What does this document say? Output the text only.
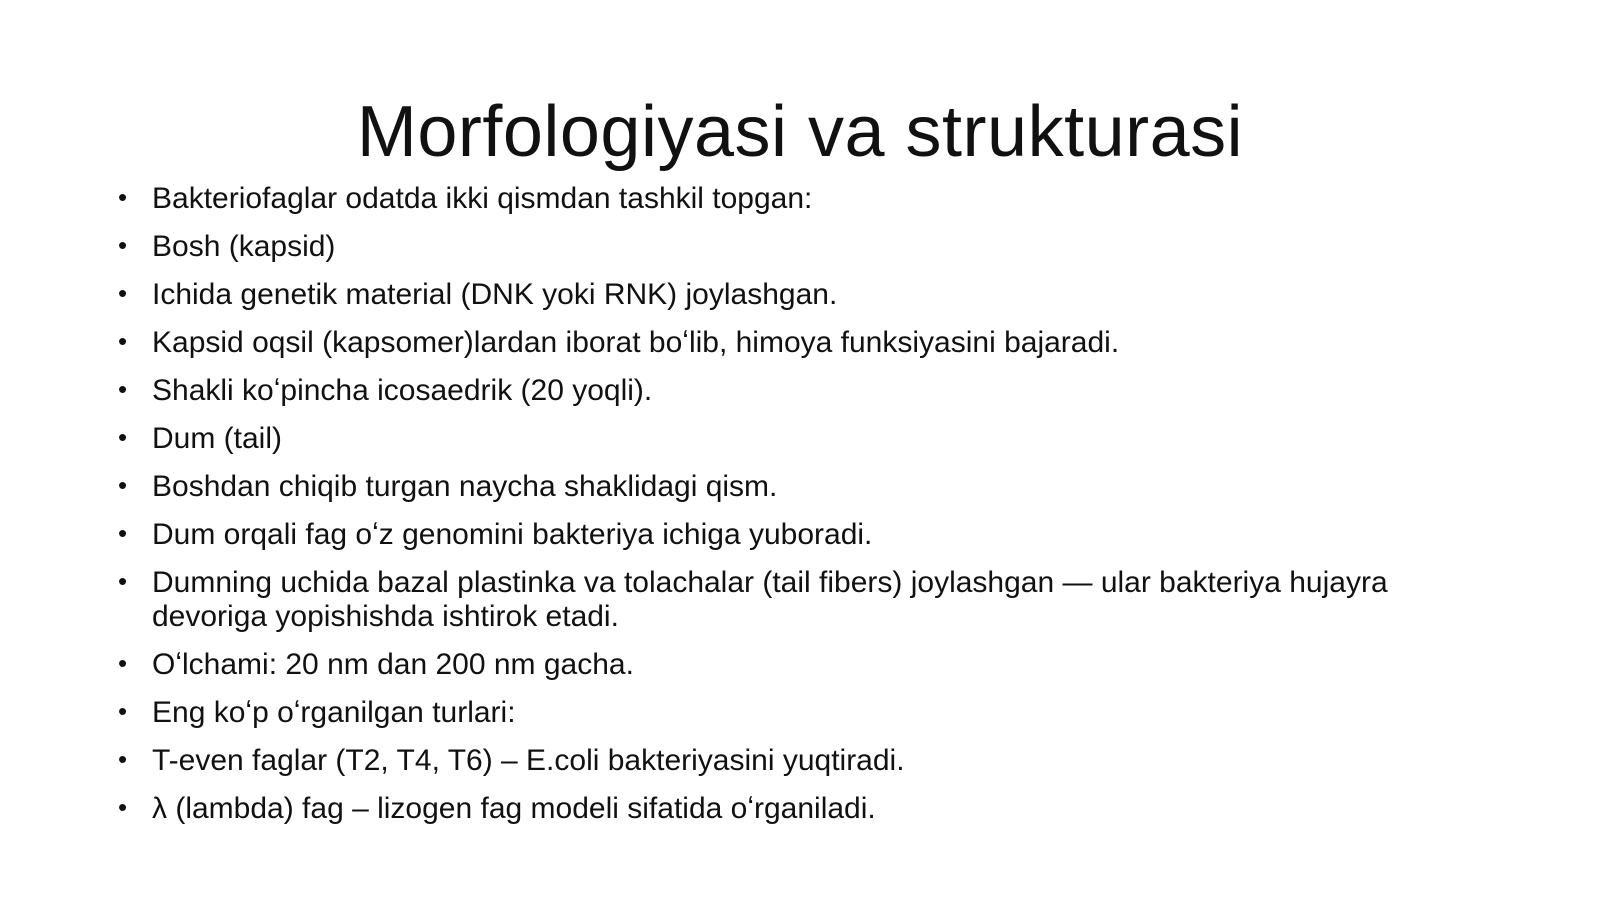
Morfologiyasi va strukturasi
• Bakteriofaglar odatda ikki qismdan tashkil topgan:
• Bosh (kapsid)
• Ichida genetik material (DNK yoki RNK) joylashgan.
• Kapsid oqsil (kapsomer)lardan iborat boʻlib, himoya funksiyasini bajaradi.
• Shakli koʻpincha icosaedrik (20 yoqli).
• Dum (tail)
• Boshdan chiqib turgan naycha shaklidagi qism.
• Dum orqali fag oʻz genomini bakteriya ichiga yuboradi.
• Dumning uchida bazal plastinka va tolachalar (tail fibers) joylashgan — ular bakteriya hujayra devoriga yopishishda ishtirok etadi.
• Oʻlchami: 20 nm dan 200 nm gacha.
• Eng koʻp oʻrganilgan turlari:
• T-even faglar (T2, T4, T6) – E.coli bakteriyasini yuqtiradi.
• λ (lambda) fag – lizogen fag modeli sifatida oʻrganiladi.
